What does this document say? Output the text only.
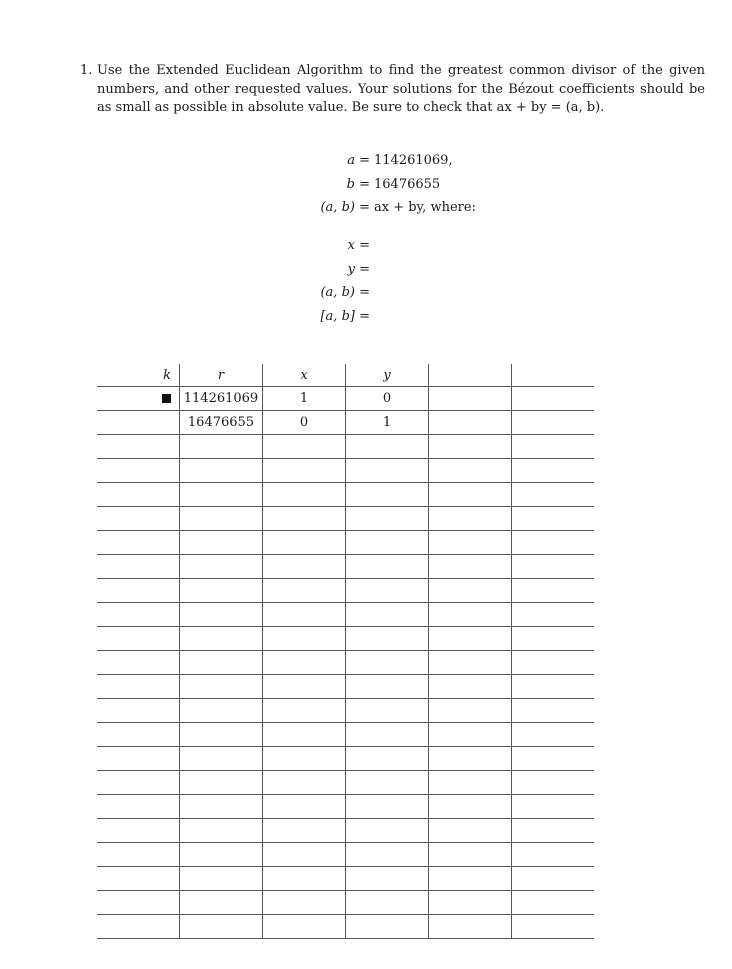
1. Use the Extended Euclidean Algorithm to find the greatest common divisor of the given numbers, and other requested values. Your solutions for the Bézout coefficients should be as small as possible in absolute value. Be sure to check that ax + by = (a, b).
a = 114261069,
b = 16476655
(a, b) = ax + by, where:
x =
y =
(a, b) =
[a, b] =
k	r	x	y		
	114261069	1	0		
	16476655	0	1		
